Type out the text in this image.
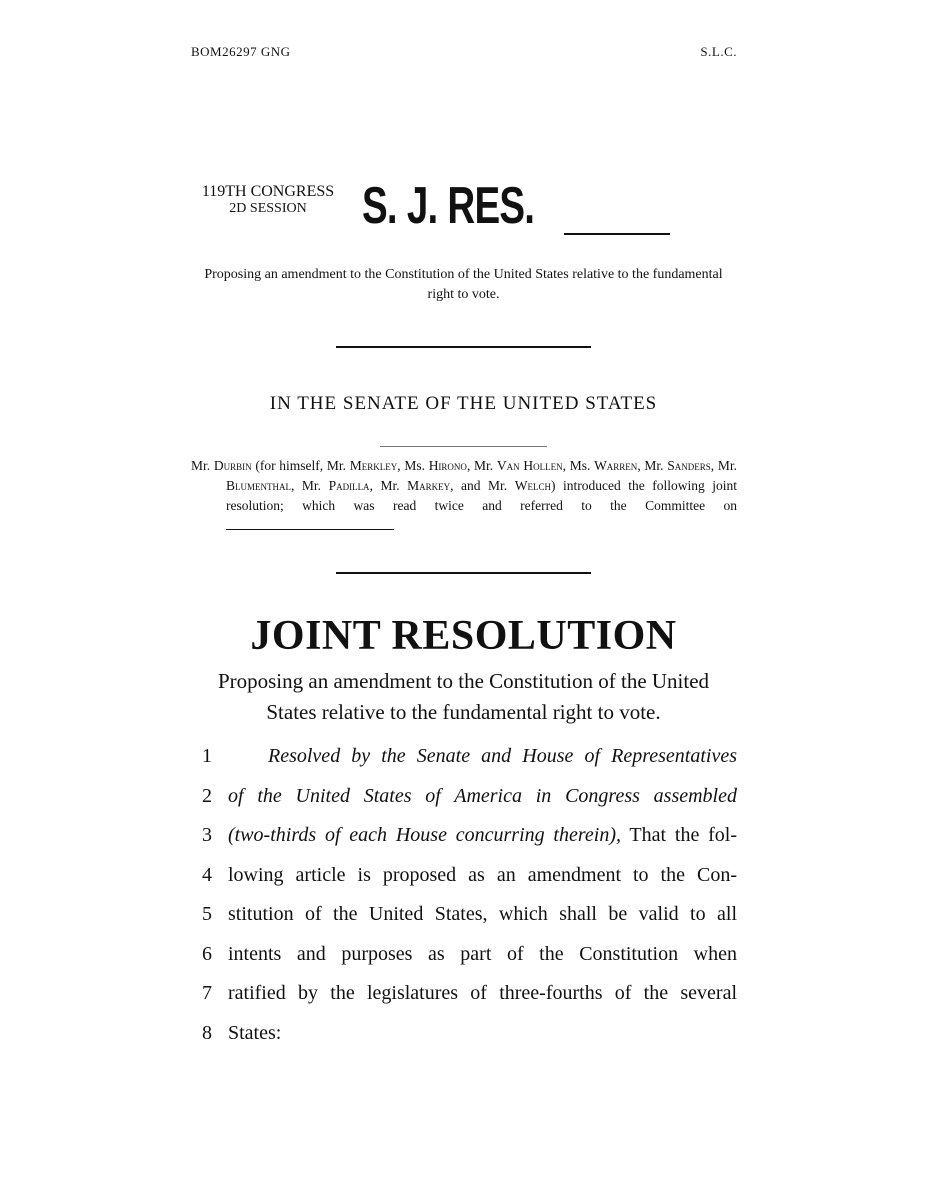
BOM26297 GNG	S.L.C.
119TH CONGRESS
2D SESSION	S. J. RES.
Proposing an amendment to the Constitution of the United States relative to the fundamental right to vote.
IN THE SENATE OF THE UNITED STATES

Mr. Durbin (for himself, Mr. Merkley, Ms. Hirono, Mr. Van Hollen, Ms. Warren, Mr. Sanders, Mr. Blumenthal, Mr. Padilla, Mr. Markey, and Mr. Welch) introduced the following joint resolution; which was read twice and referred to the Committee on

JOINT RESOLUTION
Proposing an amendment to the Constitution of the United
States relative to the fundamental right to vote.
1	Resolved by the Senate and House of Representatives
2 of the United States of America in Congress assembled
3 (two-thirds of each House concurring therein), That the fol-
4 lowing article is proposed as an amendment to the Con-
5 stitution of the United States, which shall be valid to all
6 intents and purposes as part of the Constitution when
7 ratified by the legislatures of three-fourths of the several
8 States:
